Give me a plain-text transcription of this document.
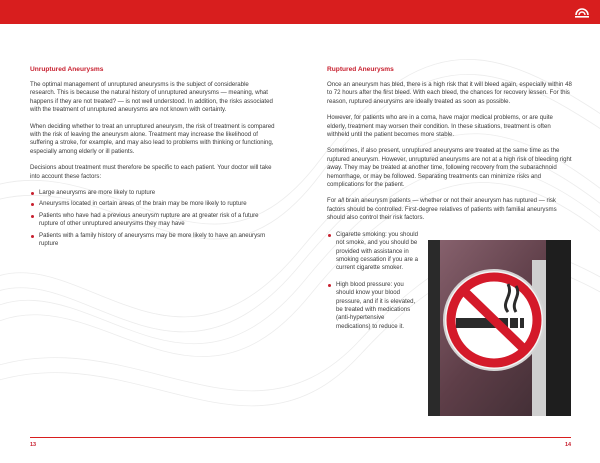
Unruptured Aneurysms

The optimal management of unruptured aneurysms is the subject of considerable research. This is because the natural history of unruptured aneurysms — meaning, what happens if they are not treated? — is not well understood. In addition, the risks associated with the treatment of unruptured aneurysms are not known with certainty.

When deciding whether to treat an unruptured aneurysm, the risk of treatment is compared with the risk of leaving the aneurysm alone. Treatment may increase the likelihood of suffering a stroke, for example, and may also lead to problems with thinking or functioning, especially among elderly or ill patients.

Decisions about treatment must therefore be specific to each patient. Your doctor will take into account these factors:

Large aneurysms are more likely to rupture
Aneurysms located in certain areas of the brain may be more likely to rupture
Patients who have had a previous aneurysm rupture are at greater risk of a future rupture of other unruptured aneurysms they may have
Patients with a family history of aneurysms may be more likely to have an aneurysm rupture
Ruptured Aneurysms

Once an aneurysm has bled, there is a high risk that it will bleed again, especially within 48 to 72 hours after the first bleed. With each bleed, the chances for recovery lessen. For this reason, ruptured aneurysms are ideally treated as soon as possible.

However, for patients who are in a coma, have major medical problems, or are quite elderly, treatment may worsen their condition. In these situations, treatment is often withheld until the patient becomes more stable.

Sometimes, if also present, unruptured aneurysms are treated at the same time as the ruptured aneurysm. However, unruptured aneurysms are not at a high risk of bleeding right away. They may be treated at another time, following recovery from the subarachnoid hemorrhage, or may be followed. Separating treatments can minimize risks and complications for the patient.

For all brain aneurysm patients — whether or not their aneurysm has ruptured — risk factors should be controlled. First-degree relatives of patients with familial aneurysms should also control their risk factors.

Cigarette smoking: you should not smoke, and you should be provided with assistance in smoking cessation if you are a current cigarette smoker.
High blood pressure: you should know your blood pressure, and if it is elevated, be treated with medications (anti-hypertensive medications) to reduce it.
13	14
